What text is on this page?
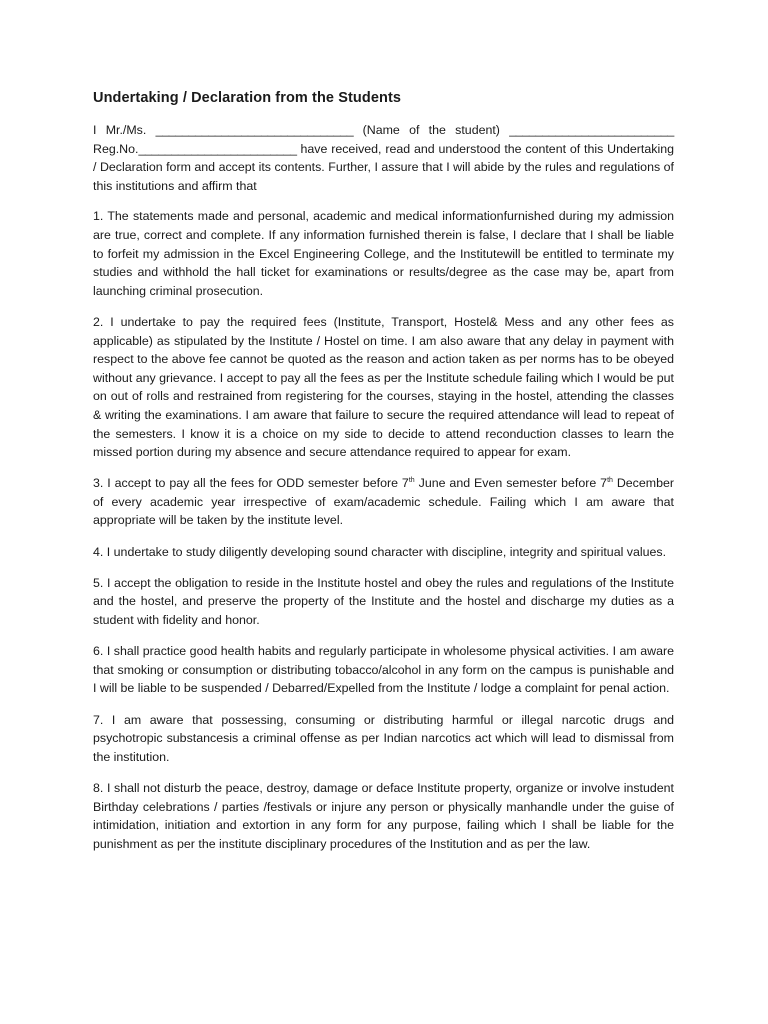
Undertaking / Declaration from the Students
I Mr./Ms. ______________________________ (Name of the student) _________________________ Reg.No.________________________ have received, read and understood the content of this Undertaking / Declaration form and accept its contents. Further, I assure that I will abide by the rules and regulations of this institutions and affirm that
1. The statements made and personal, academic and medical informationfurnished during my admission are true, correct and complete. If any information furnished therein is false, I declare that I shall be liable to forfeit my admission in the Excel Engineering College, and the Institutewill be entitled to terminate my studies and withhold the hall ticket for examinations or results/degree as the case may be, apart from launching criminal prosecution.
2. I undertake to pay the required fees (Institute, Transport, Hostel& Mess and any other fees as applicable) as stipulated by the Institute / Hostel on time. I am also aware that any delay in payment with respect to the above fee cannot be quoted as the reason and action taken as per norms has to be obeyed without any grievance. I accept to pay all the fees as per the Institute schedule failing which I would be put on out of rolls and restrained from registering for the courses, staying in the hostel, attending the classes & writing the examinations. I am aware that failure to secure the required attendance will lead to repeat of the semesters. I know it is a choice on my side to decide to attend reconduction classes to learn the missed portion during my absence and secure attendance required to appear for exam.
3. I accept to pay all the fees for ODD semester before 7th June and Even semester before 7th December of every academic year irrespective of exam/academic schedule. Failing which I am aware that appropriate will be taken by the institute level.
4. I undertake to study diligently developing sound character with discipline, integrity and spiritual values.
5. I accept the obligation to reside in the Institute hostel and obey the rules and regulations of the Institute and the hostel, and preserve the property of the Institute and the hostel and discharge my duties as a student with fidelity and honor.
6. I shall practice good health habits and regularly participate in wholesome physical activities. I am aware that smoking or consumption or distributing tobacco/alcohol in any form on the campus is punishable and I will be liable to be suspended / Debarred/Expelled from the Institute / lodge a complaint for penal action.
7. I am aware that possessing, consuming or distributing harmful or illegal narcotic drugs and psychotropic substancesis a criminal offense as per Indian narcotics act which will lead to dismissal from the institution.
8. I shall not disturb the peace, destroy, damage or deface Institute property, organize or involve instudent Birthday celebrations / parties /festivals or injure any person or physically manhandle under the guise of intimidation, initiation and extortion in any form for any purpose, failing which I shall be liable for the punishment as per the institute disciplinary procedures of the Institution and as per the law.
